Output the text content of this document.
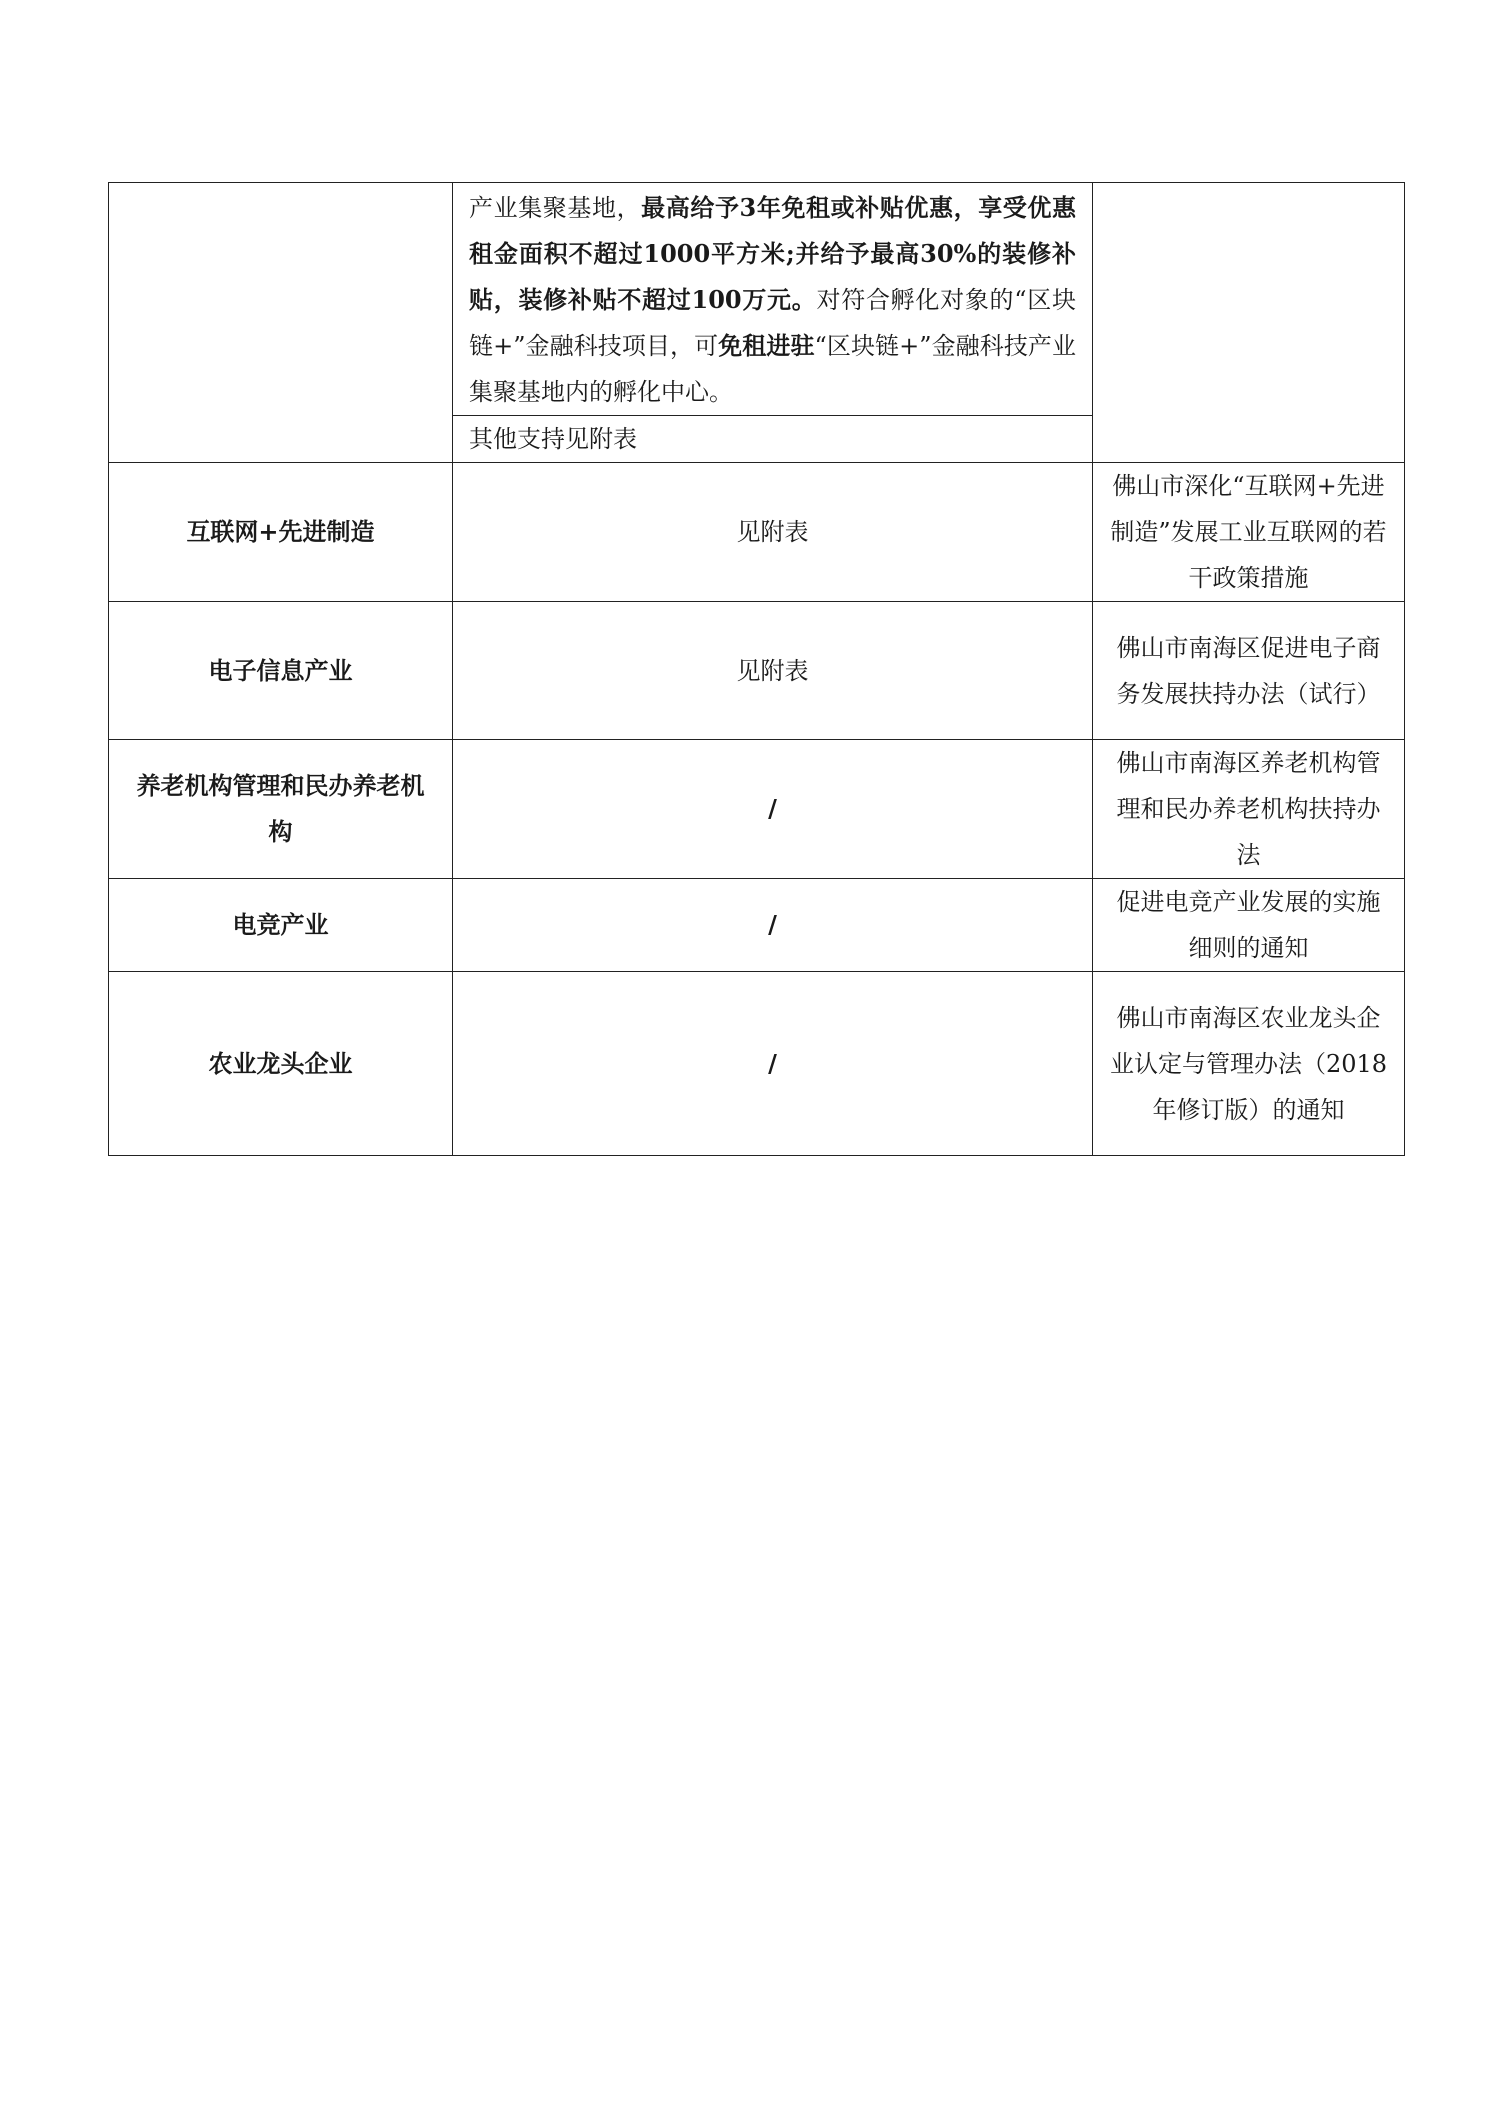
	产业集聚基地，最高给予3年免租或补贴优惠，享受优惠租金面积不超过1000平方米;并给予最高30%的装修补贴，装修补贴不超过100万元。对符合孵化对象的“区块链+”金融科技项目，可免租进驻“区块链+”金融科技产业集聚基地内的孵化中心。	
	其他支持见附表	
互联网+先进制造	见附表	佛山市深化“互联网+先进制造”发展工业互联网的若干政策措施
电子信息产业	见附表	佛山市南海区促进电子商务发展扶持办法（试行）
养老机构管理和民办养老机构	/	佛山市南海区养老机构管理和民办养老机构扶持办法
电竞产业	/	促进电竞产业发展的实施细则的通知
农业龙头企业	/	佛山市南海区农业龙头企业认定与管理办法（2018年修订版）的通知
